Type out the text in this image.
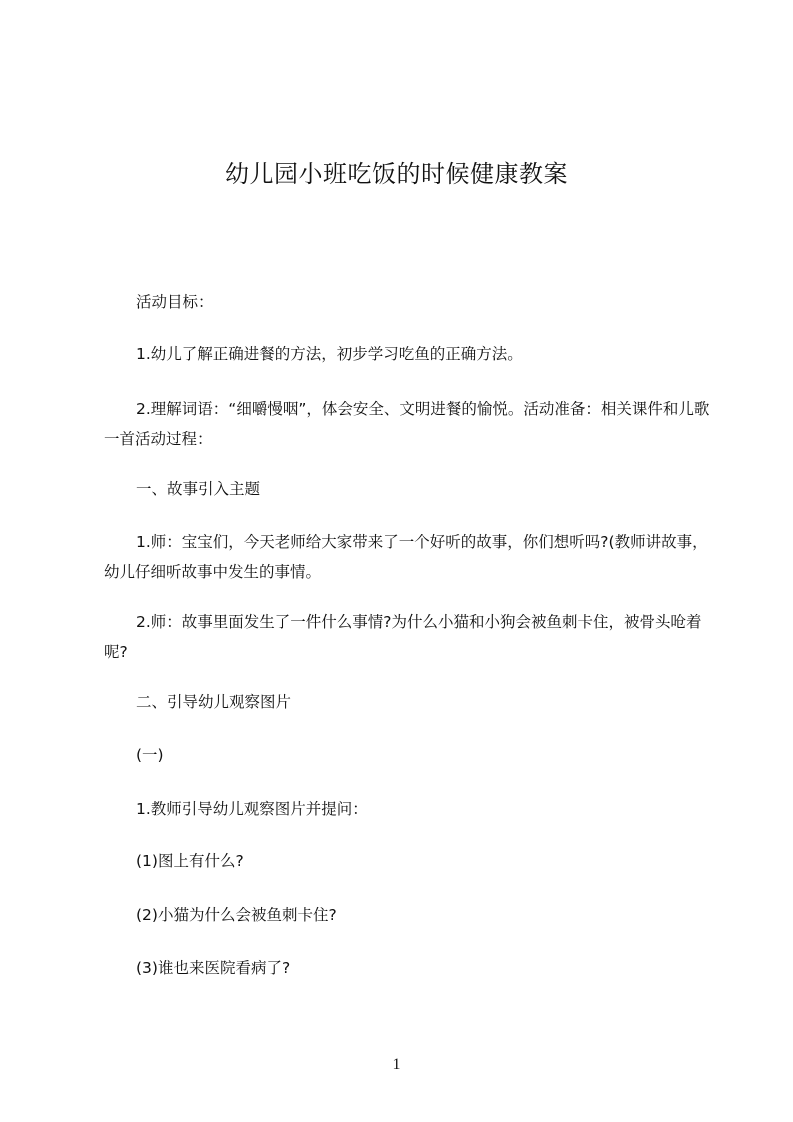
幼儿园小班吃饭的时候健康教案

活动目标：

1.幼儿了解正确进餐的方法，初步学习吃鱼的正确方法。

2.理解词语：“细嚼慢咽”，体会安全、文明进餐的愉悦。活动准备：相关课件和儿歌一首活动过程：

一、故事引入主题

1.师：宝宝们，今天老师给大家带来了一个好听的故事，你们想听吗?(教师讲故事，幼儿仔细听故事中发生的事情。

2.师：故事里面发生了一件什么事情?为什么小猫和小狗会被鱼刺卡住，被骨头呛着呢?

二、引导幼儿观察图片

(一)

1.教师引导幼儿观察图片并提问：

(1)图上有什么?

(2)小猫为什么会被鱼刺卡住?

(3)谁也来医院看病了?

1
